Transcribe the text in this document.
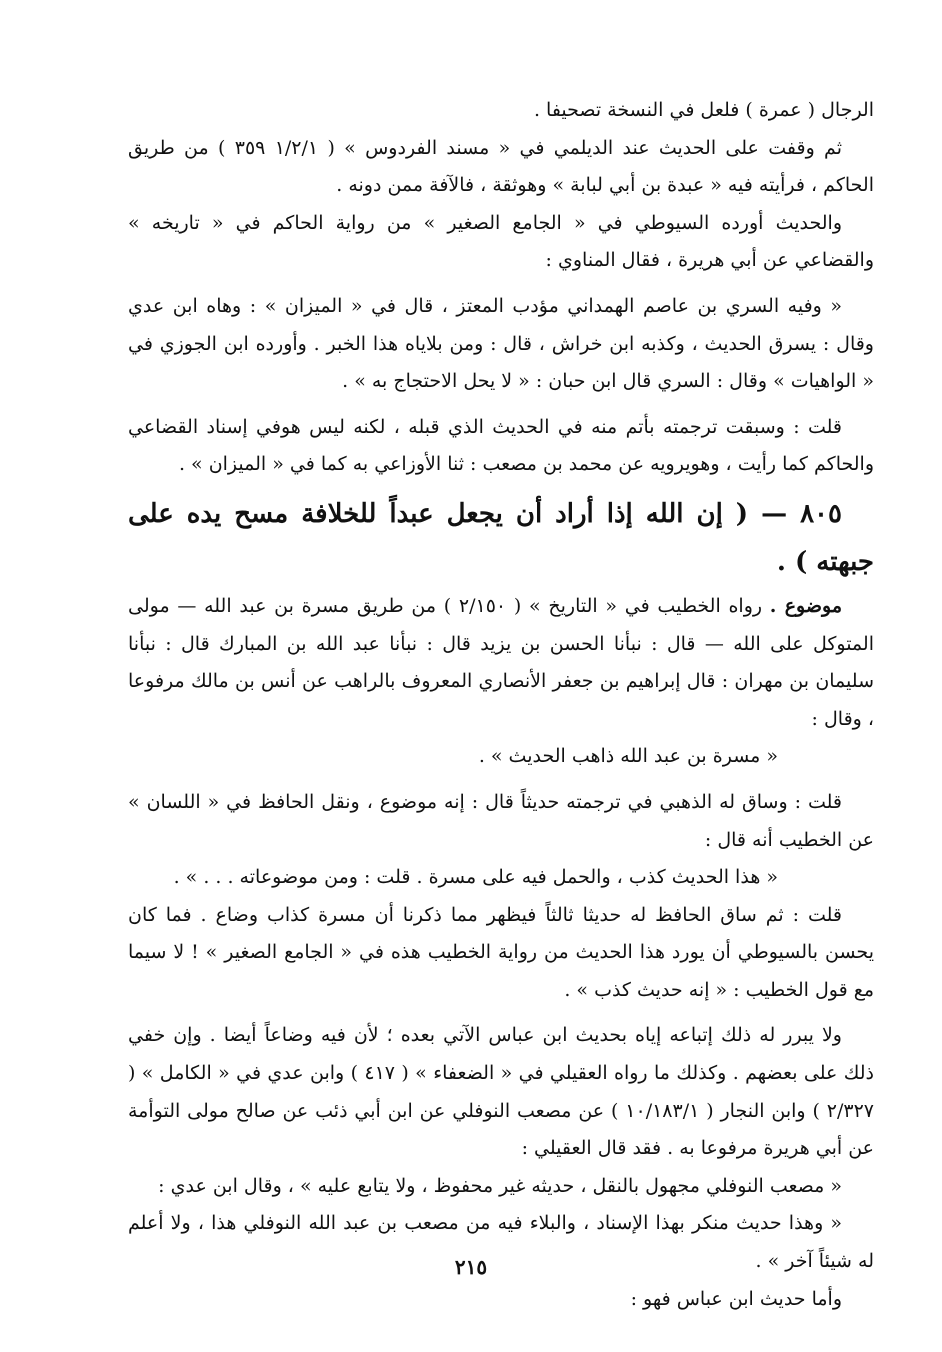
الرجال ( عمرة ) فلعل في النسخة تصحيفا .

ثم وقفت على الحديث عند الديلمي في « مسند الفردوس » ( ١/٢/١ ٣٥٩ ) من طريق الحاكم ، فرأيته فيه « عبدة بن أبي لبابة » وهوثقة ، فالآفة ممن دونه .

والحديث أورده السيوطي في « الجامع الصغير » من رواية الحاكم في « تاريخه » والقضاعي عن أبي هريرة ، فقال المناوي :

« وفيه السري بن عاصم الهمداني مؤدب المعتز ، قال في « الميزان » : وهاه ابن عدي وقال : يسرق الحديث ، وكذبه ابن خراش ، قال : ومن بلاياه هذا الخبر . وأورده ابن الجوزي في « الواهيات » وقال : السري قال ابن حبان : « لا يحل الاحتجاج به » .

قلت : وسبقت ترجمته بأتم منه في الحديث الذي قبله ، لكنه ليس هوفي إسناد القضاعي والحاكم كما رأيت ، وهويرويه عن محمد بن مصعب : ثنا الأوزاعي به كما في « الميزان » .

٨٠٥ — ( إن الله إذا أراد أن يجعل عبداً للخلافة مسح يده على جبهته ) .

موضوع . رواه الخطيب في « التاريخ » ( ٢/١٥٠ ) من طريق مسرة بن عبد الله — مولى المتوكل على الله — قال : نبأنا الحسن بن يزيد قال : نبأنا عبد الله بن المبارك قال : نبأنا سليمان بن مهران : قال إبراهيم بن جعفر الأنصاري المعروف بالراهب عن أنس بن مالك مرفوعا ، وقال :

« مسرة بن عبد الله ذاهب الحديث » .

قلت : وساق له الذهبي في ترجمته حديثاً قال : إنه موضوع ، ونقل الحافظ في « اللسان » عن الخطيب أنه قال :

« هذا الحديث كذب ، والحمل فيه على مسرة . قلت : ومن موضوعاته . . . » .

قلت : ثم ساق الحافظ له حديثا ثالثاً فيظهر مما ذكرنا أن مسرة كذاب وضاع . فما كان يحسن بالسيوطي أن يورد هذا الحديث من رواية الخطيب هذه في « الجامع الصغير » ! لا سيما مع قول الخطيب : « إنه حديث كذب » .

ولا يبرر له ذلك إتباعه إياه بحديث ابن عباس الآتي بعده ؛ لأن فيه وضاعاً أيضا . وإن خفي ذلك على بعضهم . وكذلك ما رواه العقيلي في « الضعفاء » ( ٤١٧ ) وابن عدي في « الكامل » ( ٢/٣٢٧ ) وابن النجار ( ١٠/١٨٣/١ ) عن مصعب النوفلي عن ابن أبي ذئب عن صالح مولى التوأمة عن أبي هريرة مرفوعا به . فقد قال العقيلي :

« مصعب النوفلي مجهول بالنقل ، حديثه غير محفوظ ، ولا يتابع عليه » ، وقال ابن عدي :

« وهذا حديث منكر بهذا الإسناد ، والبلاء فيه من مصعب بن عبد الله النوفلي هذا ، ولا أعلم له شيئاً آخر » .

وأما حديث ابن عباس فهو :

٢١٥
